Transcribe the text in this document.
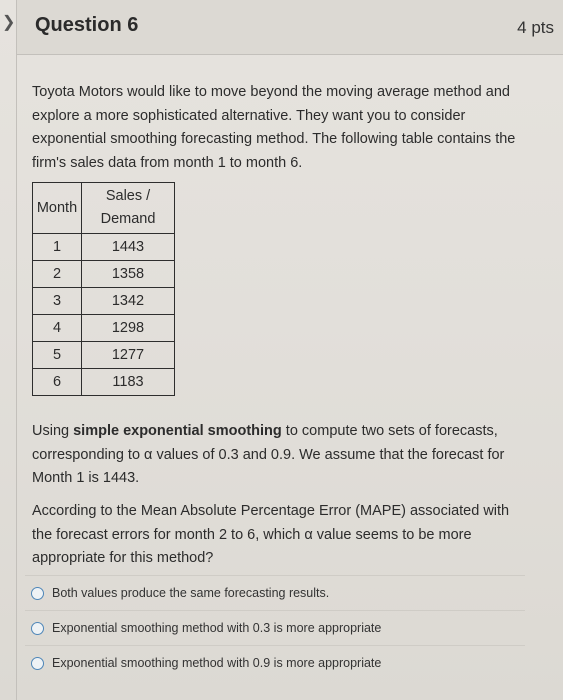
❯ Question 6	4 pts
Toyota Motors would like to move beyond the moving average method and
explore a more sophisticated alternative. They want you to consider
exponential smoothing forecasting method. The following table contains the
firm's sales data from month 1 to month 6.
Month	Sales /
Demand

1	1443
2	1358
3	1342
4	1298
5	1277
6	1183
Using simple exponential smoothing to compute two sets of forecasts,
corresponding to α values of 0.3 and 0.9. We assume that the forecast for
Month 1 is 1443.
According to the Mean Absolute Percentage Error (MAPE) associated with
the forecast errors for month 2 to 6, which α value seems to be more
appropriate for this method?
Both values produce the same forecasting results.
Exponential smoothing method with 0.3 is more appropriate
Exponential smoothing method with 0.9 is more appropriate
